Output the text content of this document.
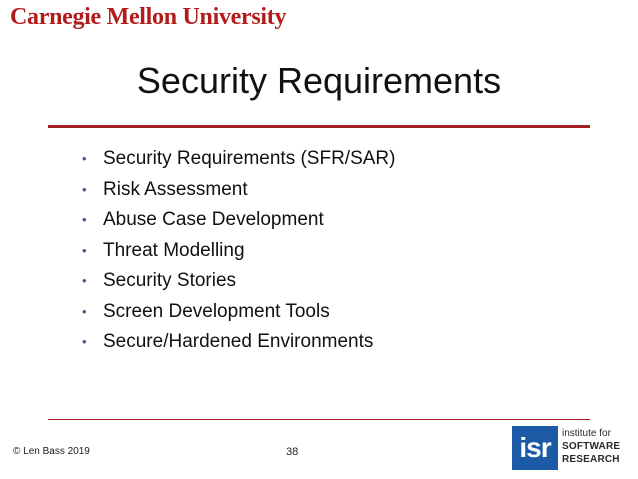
Carnegie Mellon University
Security Requirements
• Security Requirements (SFR/SAR)
• Risk Assessment
• Abuse Case Development
• Threat Modelling
• Security Stories
• Screen Development Tools
• Secure/Hardened Environments
© Len Bass 2019	38	isr	institute for
SOFTWARE
RESEARCH
